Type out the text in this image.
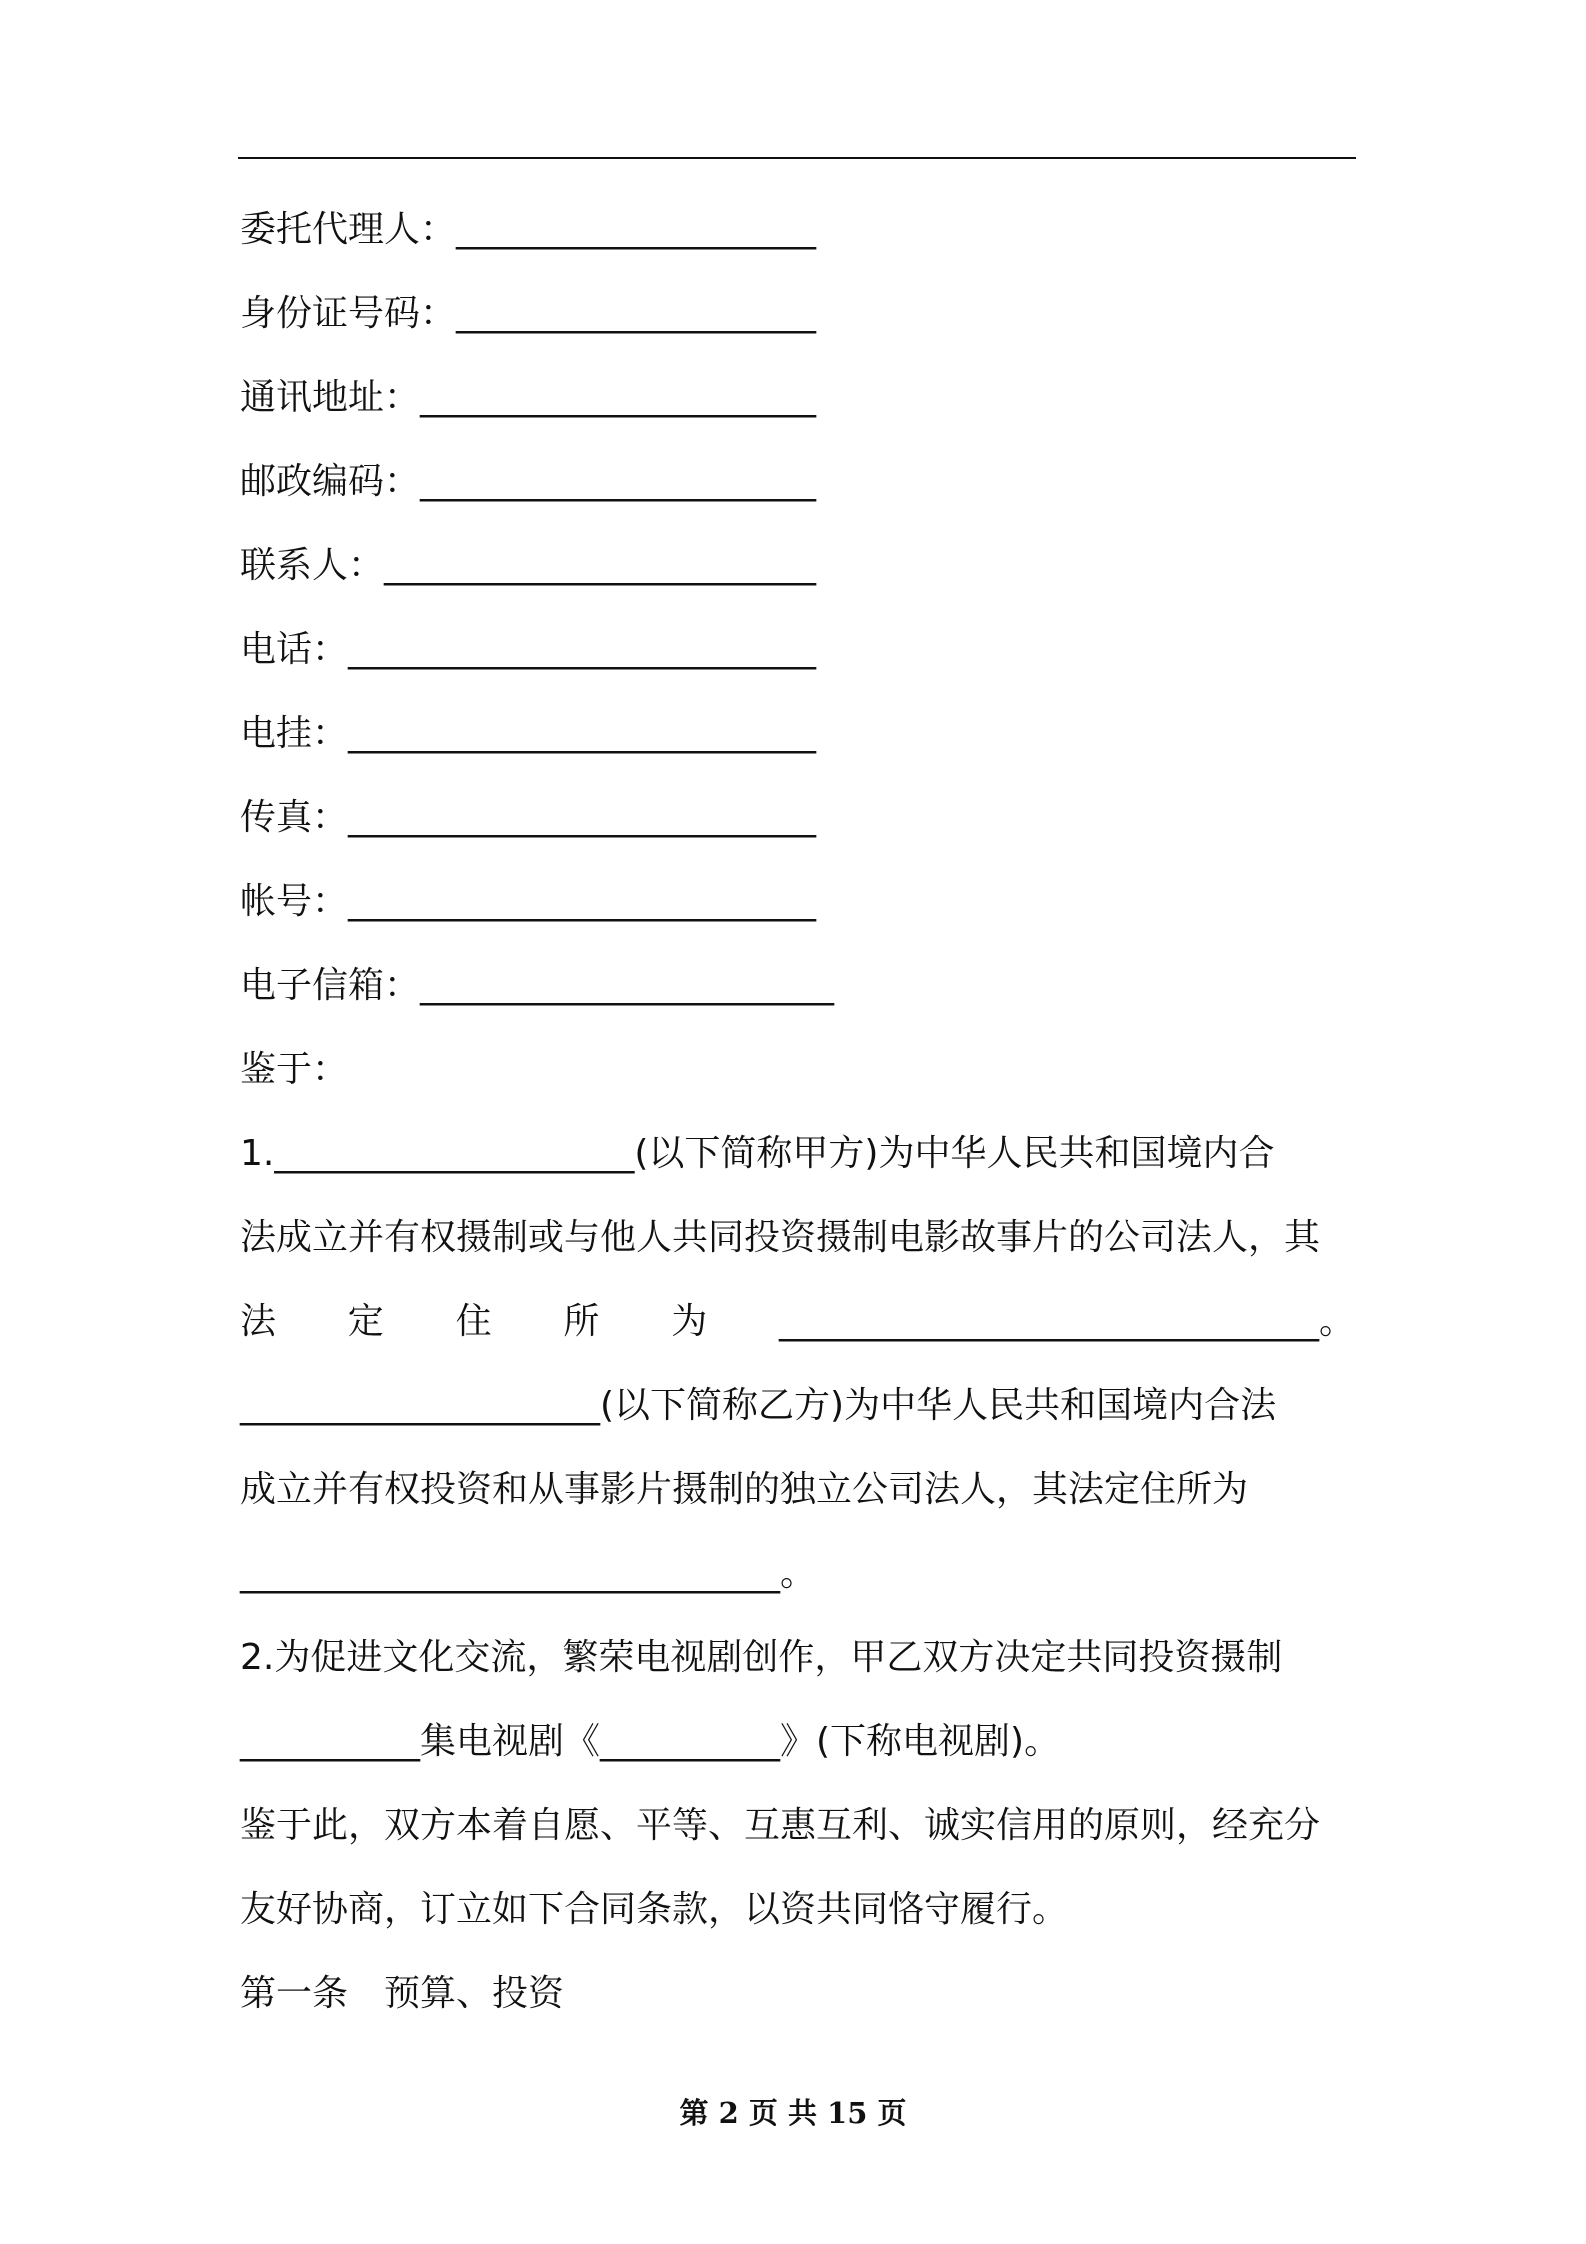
委托代理人：____________________
身份证号码：____________________
通讯地址：______________________
邮政编码：______________________
联系人：________________________
电话：__________________________
电挂：__________________________
传真：__________________________
帐号：__________________________
电子信箱：_______________________
鉴于：
1.____________________(以下简称甲方)为中华人民共和国境内合
法成立并有权摄制或与他人共同投资摄制电影故事片的公司法人，其
法 定 住 所 为 ______________________________。
____________________(以下简称乙方)为中华人民共和国境内合法
成立并有权投资和从事影片摄制的独立公司法人，其法定住所为
______________________________。
2.为促进文化交流，繁荣电视剧创作，甲乙双方决定共同投资摄制
__________集电视剧《__________》(下称电视剧)。
鉴于此，双方本着自愿、平等、互惠互利、诚实信用的原则，经充分
友好协商，订立如下合同条款，以资共同恪守履行。
第一条　预算、投资
第 2 页 共 15 页
